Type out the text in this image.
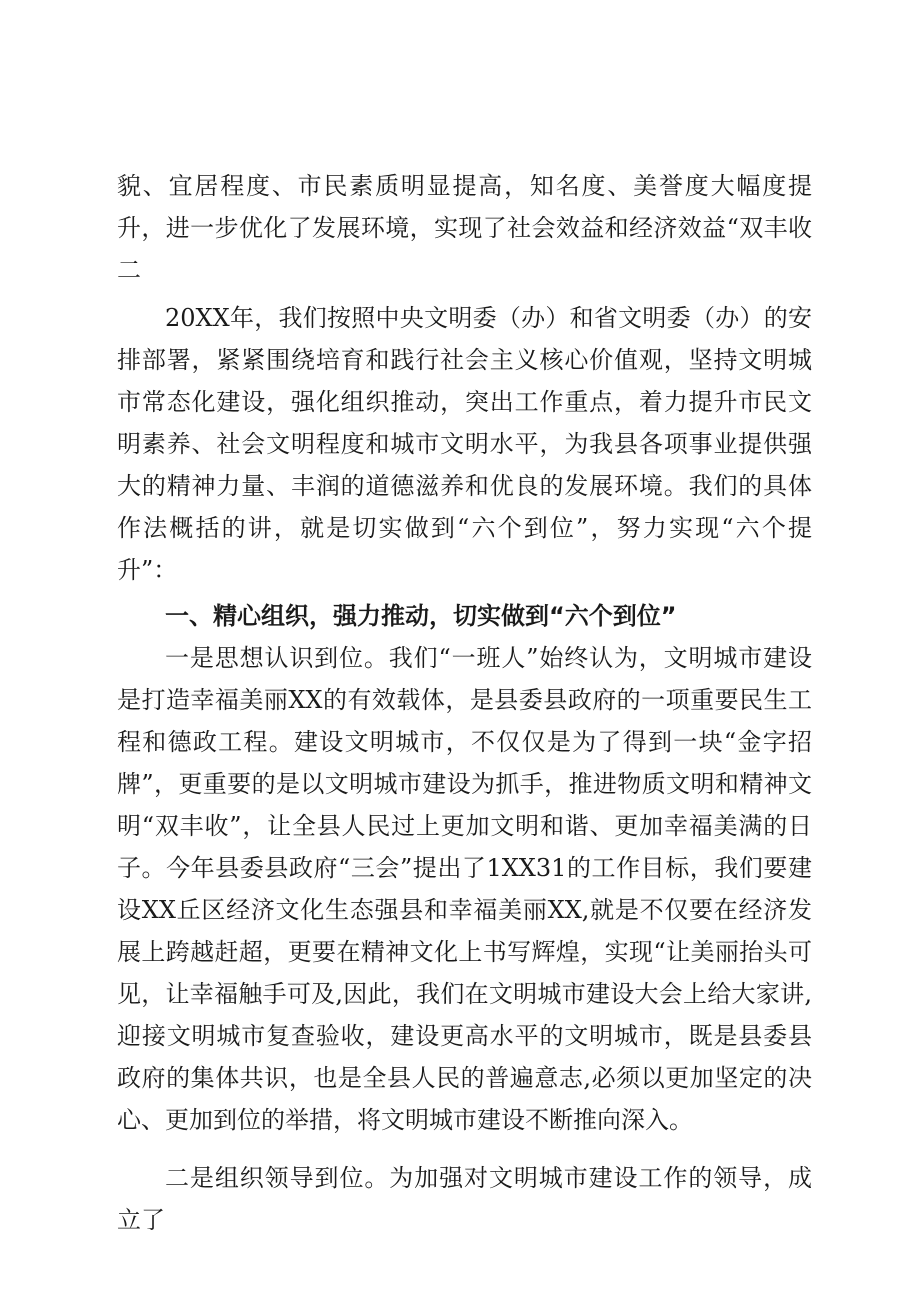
貌、宜居程度、市民素质明显提高，知名度、美誉度大幅度提升，进一步优化了发展环境，实现了社会效益和经济效益“双丰收二

20XX年，我们按照中央文明委（办）和省文明委（办）的安排部署，紧紧围绕培育和践行社会主义核心价值观，坚持文明城市常态化建设，强化组织推动，突出工作重点，着力提升市民文明素养、社会文明程度和城市文明水平，为我县各项事业提供强大的精神力量、丰润的道德滋养和优良的发展环境。我们的具体作法概括的讲，就是切实做到“六个到位”，努力实现“六个提升”：

一、精心组织，强力推动，切实做到“六个到位”

一是思想认识到位。我们“一班人”始终认为，文明城市建设是打造幸福美丽XX的有效载体，是县委县政府的一项重要民生工程和德政工程。建设文明城市，不仅仅是为了得到一块“金字招牌”，更重要的是以文明城市建设为抓手，推进物质文明和精神文明“双丰收”，让全县人民过上更加文明和谐、更加幸福美满的日子。今年县委县政府“三会”提出了1XX31的工作目标，我们要建设XX丘区经济文化生态强县和幸福美丽XX,就是不仅要在经济发展上跨越赶超，更要在精神文化上书写辉煌，实现“让美丽抬头可见，让幸福触手可及,因此，我们在文明城市建设大会上给大家讲,迎接文明城市复查验收，建设更高水平的文明城市，既是县委县政府的集体共识，也是全县人民的普遍意志,必须以更加坚定的决心、更加到位的举措，将文明城市建设不断推向深入。

二是组织领导到位。为加强对文明城市建设工作的领导，成立了
